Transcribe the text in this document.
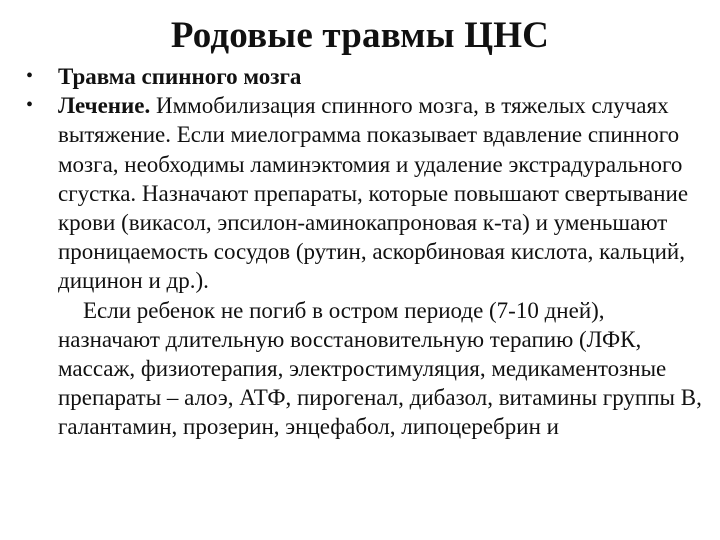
Родовые травмы ЦНС
• Травма спинного мозга
• Лечение. Иммобилизация спинного мозга, в тяжелых случаях вытяжение. Если миелограмма показывает вдавление спинного мозга, необходимы ламинэктомия и удаление экстрадурального сгустка. Назначают препараты, которые повышают свертывание крови (викасол, эпсилон-аминокапроновая к-та) и уменьшают проницаемость сосудов (рутин, аскорбиновая кислота, кальций, дицинон и др.).
Если ребенок не погиб в остром периоде (7-10 дней), назначают длительную восстановительную терапию (ЛФК, массаж, физиотерапия, электростимуляция, медикаментозные препараты – алоэ, АТФ, пирогенал, дибазол, витамины группы В, галантамин, прозерин, энцефабол, липоцеребрин и
